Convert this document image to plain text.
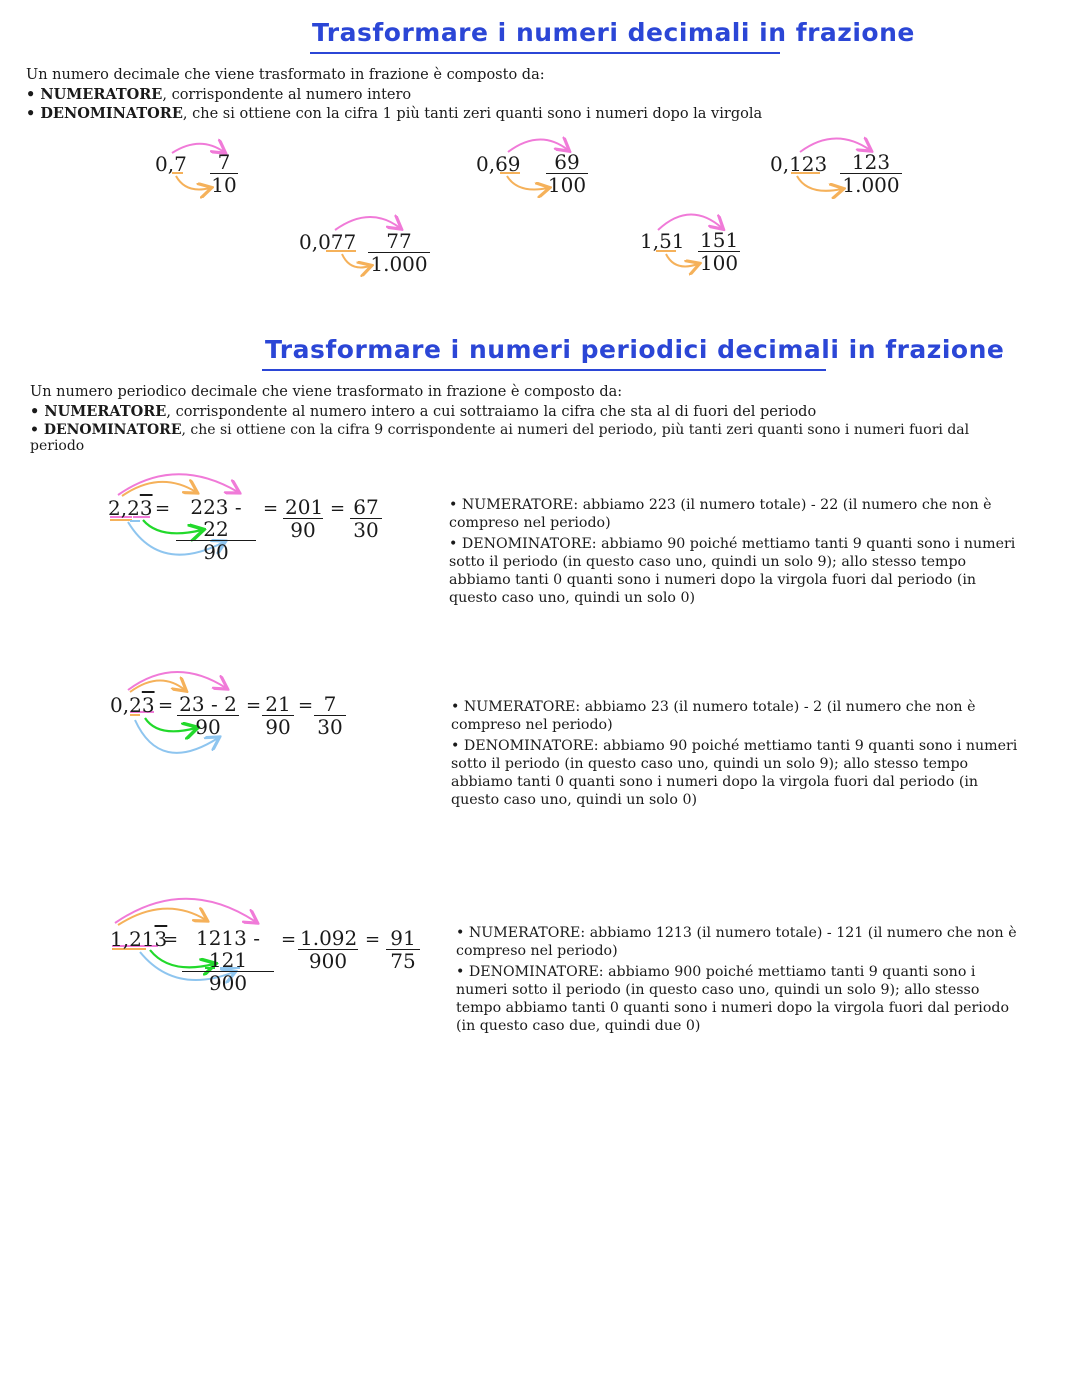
Trasformare i numeri decimali in frazione
Un numero decimale che viene trasformato in frazione è composto da:
• NUMERATORE, corrispondente al numero intero
• DENOMINATORE, che si ottiene con la cifra 1 più tanti zeri quanti sono i numeri dopo la virgola
$0,7 \frac{7}{10}$	$0,69 \frac{69}{100}$	$0,123 \frac{123}{1.000}$
$0,077 \frac{77}{1.000}$	$1,51 \frac{151}{100}$
Trasformare i numeri periodici decimali in frazione
Un numero periodico decimale che viene trasformato in frazione è composto da:
• NUMERATORE, corrispondente al numero intero a cui sottraiamo la cifra che sta al di fuori del periodo
• DENOMINATORE, che si ottiene con la cifra 9 corrispondente ai numeri del periodo, più tanti zeri quanti sono i numeri fuori dal
periodo
$2,23 = \frac{223 - 22}{90} = \frac{201}{90} = \frac{67}{30}$	• NUMERATORE: abbiamo 223 (il numero totale) - 22 (il numero che non è compreso nel periodo)

• DENOMINATORE: abbiamo 90 poiché mettiamo tanti 9 quanti sono i numeri sotto il periodo (in questo caso uno, quindi un solo 9); allo stesso tempo abbiamo tanti 0 quanti sono i numeri dopo la virgola fuori dal periodo (in questo caso uno, quindi un solo 0)

$0,23 = \frac{23 - 2}{90} = \frac{21}{90} = \frac{7}{30}$	• NUMERATORE: abbiamo 23 (il numero totale) - 2 (il numero che non è compreso nel periodo)

• DENOMINATORE: abbiamo 90 poiché mettiamo tanti 9 quanti sono i numeri sotto il periodo (in questo caso uno, quindi un solo 9); allo stesso tempo abbiamo tanti 0 quanti sono i numeri dopo la virgola fuori dal periodo (in questo caso uno, quindi un solo 0)

1,213
= $\frac{1213 - 121}{900} = \frac{1.092}{900} = \frac{91}{75}$	• NUMERATORE: abbiamo 1213 (il numero totale) - 121 (il numero che non è compreso nel periodo)

• DENOMINATORE: abbiamo 900 poiché mettiamo tanti 9 quanti sono i numeri sotto il periodo (in questo caso uno, quindi un solo 9); allo stesso tempo abbiamo tanti 0 quanti sono i numeri dopo la virgola fuori dal periodo (in questo caso due, quindi due 0)
